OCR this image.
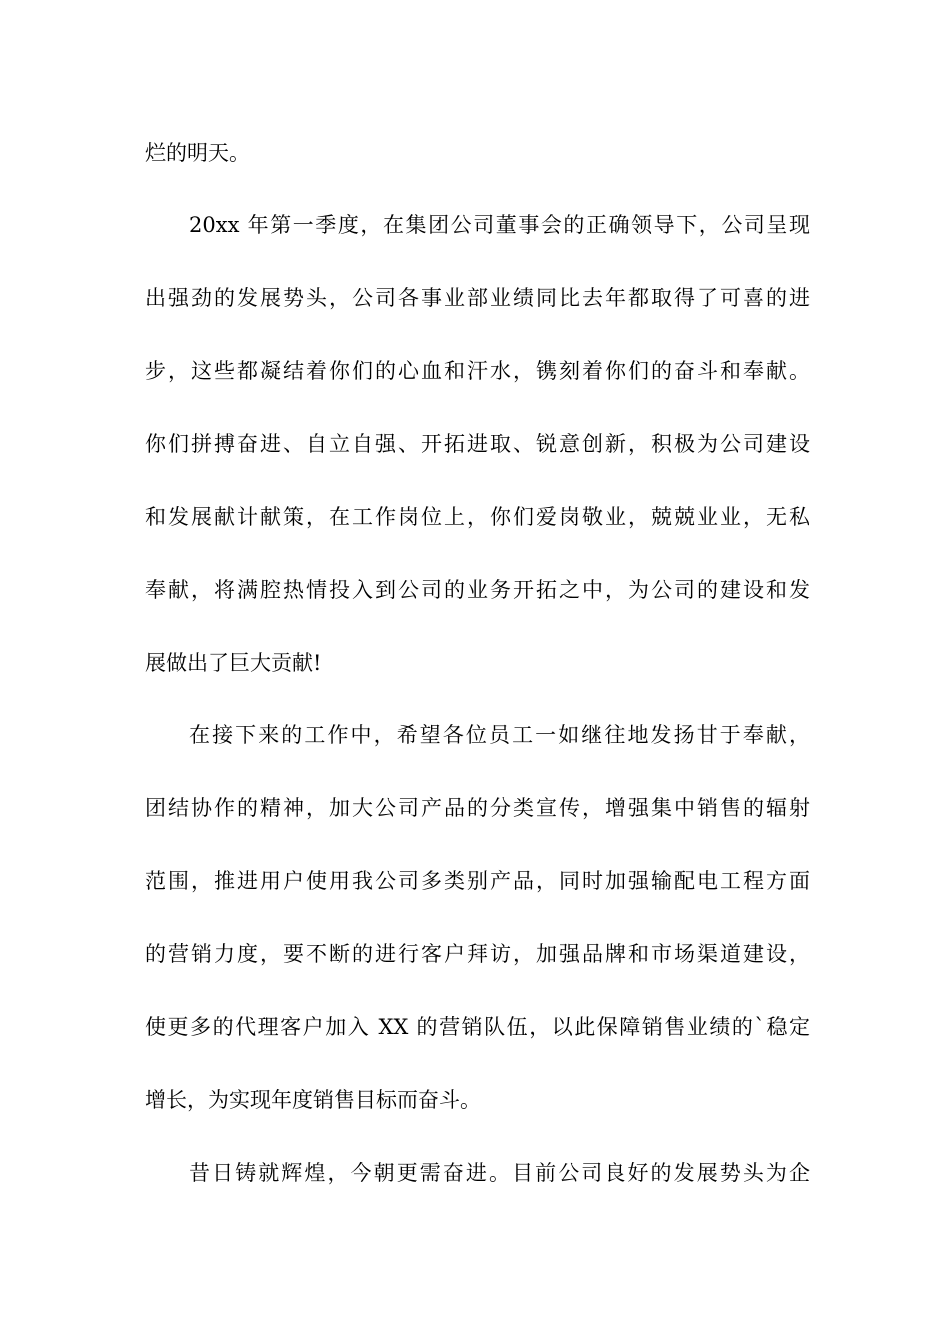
烂的明天。
20xx 年第一季度，在集团公司董事会的正确领导下，公司呈现
出强劲的发展势头，公司各事业部业绩同比去年都取得了可喜的进
步，这些都凝结着你们的心血和汗水，镌刻着你们的奋斗和奉献。
你们拼搏奋进、自立自强、开拓进取、锐意创新，积极为公司建设
和发展献计献策，在工作岗位上，你们爱岗敬业，兢兢业业，无私
奉献，将满腔热情投入到公司的业务开拓之中，为公司的建设和发
展做出了巨大贡献!
在接下来的工作中，希望各位员工一如继往地发扬甘于奉献，
团结协作的精神，加大公司产品的分类宣传，增强集中销售的辐射
范围，推进用户使用我公司多类别产品，同时加强输配电工程方面
的营销力度，要不断的进行客户拜访，加强品牌和市场渠道建设，
使更多的代理客户加入 XX 的营销队伍，以此保障销售业绩的`稳定
增长，为实现年度销售目标而奋斗。
昔日铸就辉煌，今朝更需奋进。目前公司良好的发展势头为企
